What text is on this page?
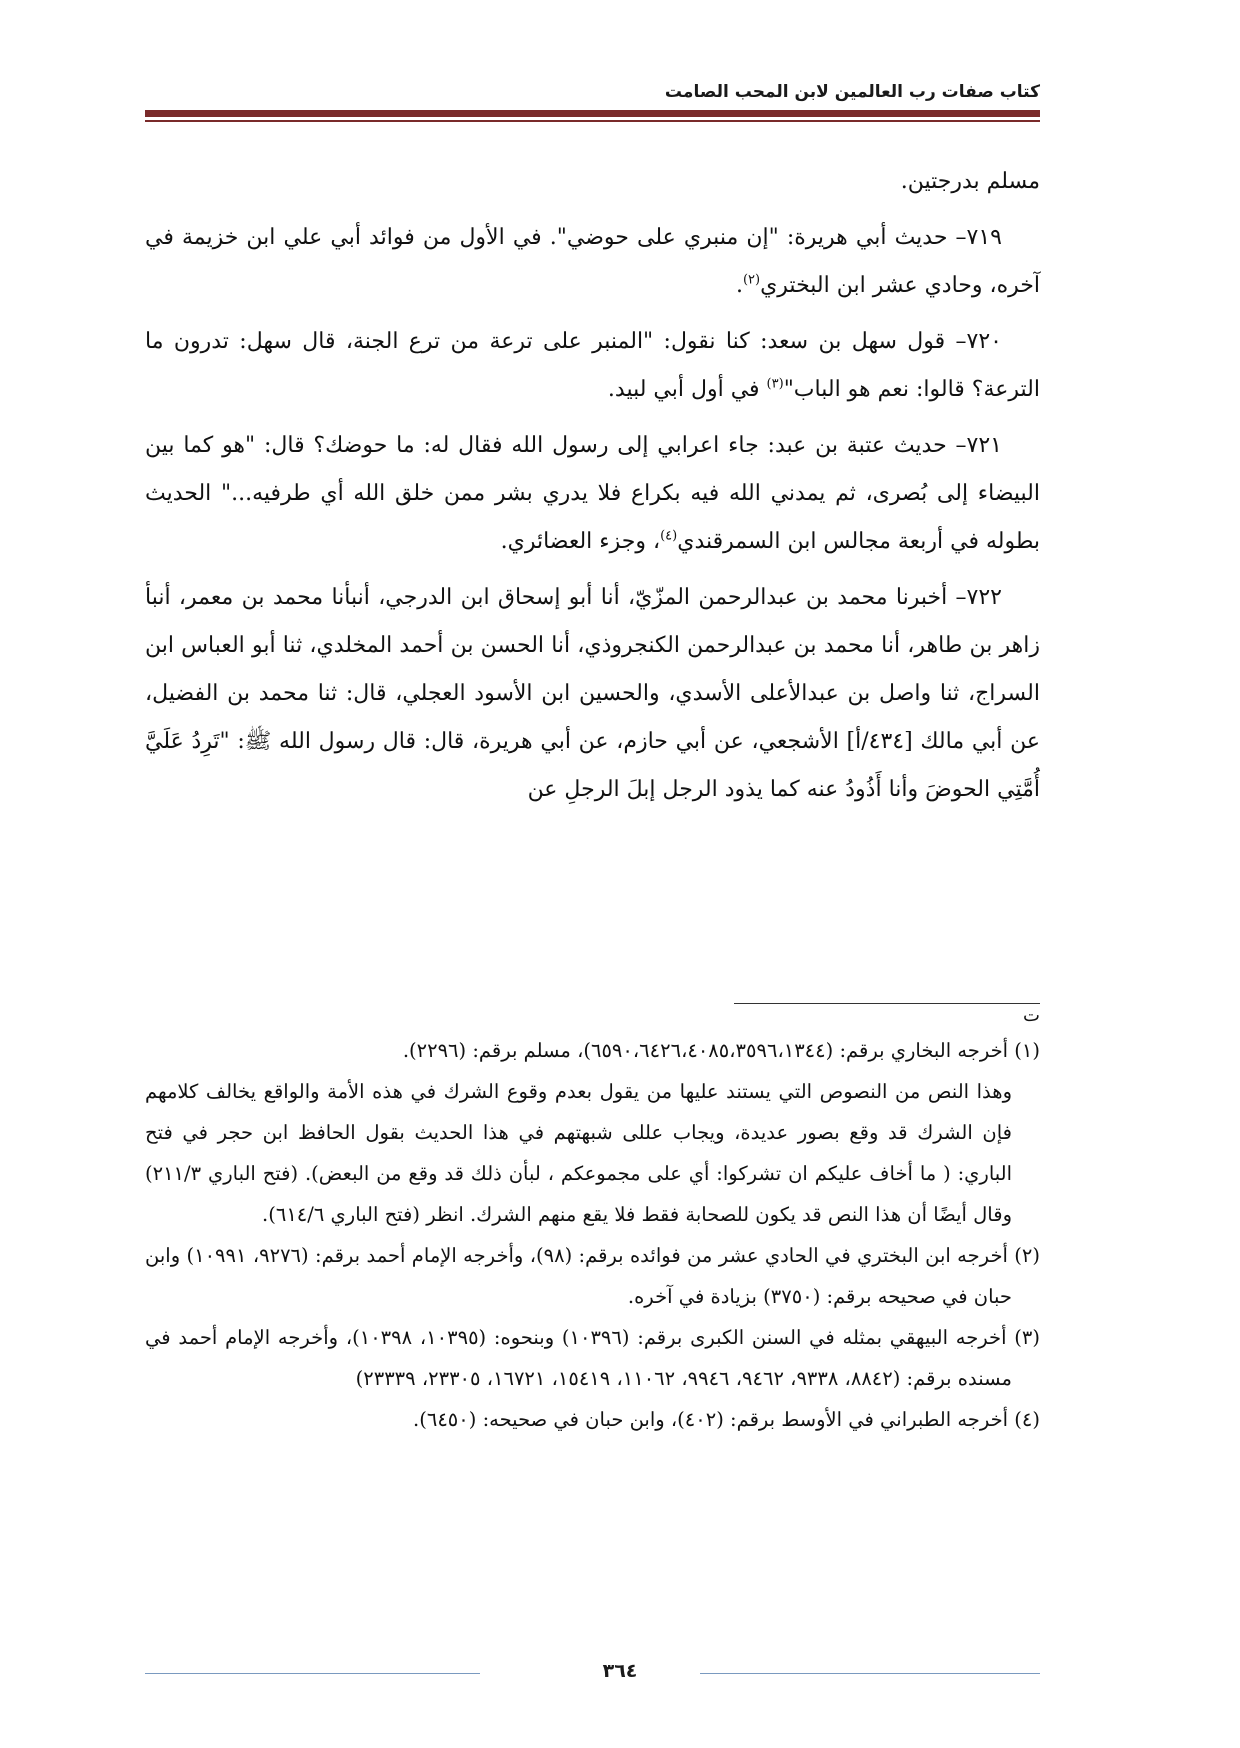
كتاب صفات رب العالمين لابن المحب الصامت

مسلم بدرجتين.

٧١٩– حديث أبي هريرة: "إن منبري على حوضي". في الأول من فوائد أبي علي ابن خزيمة في آخره، وحادي عشر ابن البختري$^{(٢)}$.

٧٢٠– قول سهل بن سعد: كنا نقول: "المنبر على ترعة من ترع الجنة، قال سهل: تدرون ما الترعة؟ قالوا: نعم هو الباب"$^{(٣)}$ في أول أبي لبيد.

٧٢١– حديث عتبة بن عبد: جاء اعرابي إلى رسول الله فقال له: ما حوضك؟ قال: "هو كما بين البيضاء إلى بُصرى، ثم يمدني الله فيه بكراع فلا يدري بشر ممن خلق الله أي طرفيه..." الحديث بطوله في أربعة مجالس ابن السمرقندي$^{(٤)}$، وجزء العضائري.

٧٢٢– أخبرنا محمد بن عبدالرحمن المزّيّ، أنا أبو إسحاق ابن الدرجي، أنبأنا محمد بن معمر، أنبأ زاهر بن طاهر، أنا محمد بن عبدالرحمن الكنجروذي، أنا الحسن بن أحمد المخلدي، ثنا أبو العباس ابن السراج، ثنا واصل بن عبدالأعلى الأسدي، والحسين ابن الأسود العجلي، قال: ثنا محمد بن الفضيل، عن أبي مالك [٤٣٤/أ] الأشجعي، عن أبي حازم، عن أبي هريرة، قال: قال رسول الله ﷺ: "تَرِدُ عَلَيَّ أُمَّتِي الحوضَ وأنا أَذُودُ عنه كما يذود الرجل إبلَ الرجلِ عن

ت

(١) أخرجه البخاري برقم: (٦٥٩٠،٦٤٢٦،٤٠٨٥،٣٥٩٦،١٣٤٤)، مسلم برقم: (٢٢٩٦).

وهذا النص من النصوص التي يستند عليها من يقول بعدم وقوع الشرك في هذه الأمة والواقع يخالف كلامهم فإن الشرك قد وقع بصور عديدة، ويجاب عللى شبهتهم في هذا الحديث بقول الحافظ ابن حجر في فتح الباري: ( ما أخاف عليكم ان تشركوا: أي على مجموعكم ، لبأن ذلك قد وقع من البعض). (فتح الباري ٢١١/٣) وقال أيضًا أن هذا النص قد يكون للصحابة فقط فلا يقع منهم الشرك. انظر (فتح الباري ٦١٤/٦).

(٢) أخرجه ابن البختري في الحادي عشر من فوائده برقم: (٩٨)، وأخرجه الإمام أحمد برقم: (٩٢٧٦، ١٠٩٩١) وابن حبان في صحيحه برقم: (٣٧٥٠) بزيادة في آخره.

(٣) أخرجه البيهقي بمثله في السنن الكبرى برقم: (١٠٣٩٦) وبنحوه: (١٠٣٩٥، ١٠٣٩٨)، وأخرجه الإمام أحمد في مسنده برقم: (٨٨٤٢، ٩٣٣٨، ٩٤٦٢، ٩٩٤٦، ١١٠٦٢، ١٥٤١٩، ١٦٧٢١، ٢٣٣٠٥، ٢٣٣٣٩)

(٤) أخرجه الطبراني في الأوسط برقم: (٤٠٢)، وابن حبان في صحيحه: (٦٤٥٠).

٣٦٤
